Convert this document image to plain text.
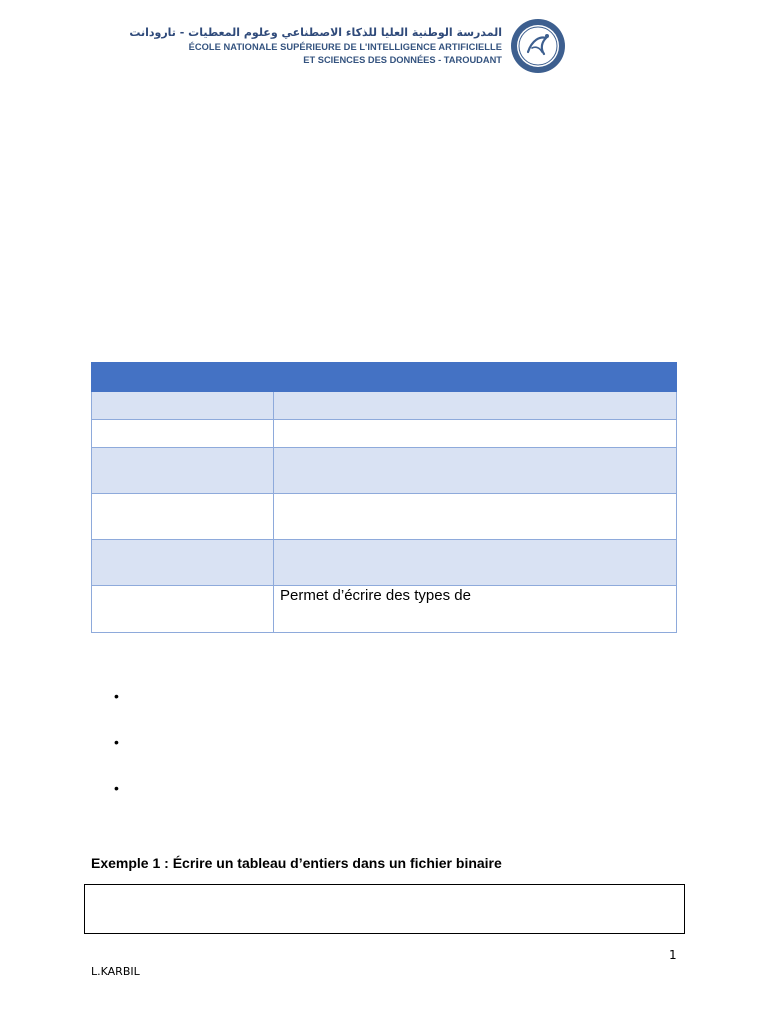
المدرسة الوطنية العليا للذكاء الاصطناعي وعلوم المعطيات - تارودانت
ÉCOLE NATIONALE SUPÉRIEURE DE L'INTELLIGENCE ARTIFICIELLE
ET SCIENCES DES DONNÉES - TAROUDANT

	Permet d’écrire des types de
•
•
•
Exemple 1 : Écrire un tableau d’entiers dans un fichier binaire
1
L.KARBIL
